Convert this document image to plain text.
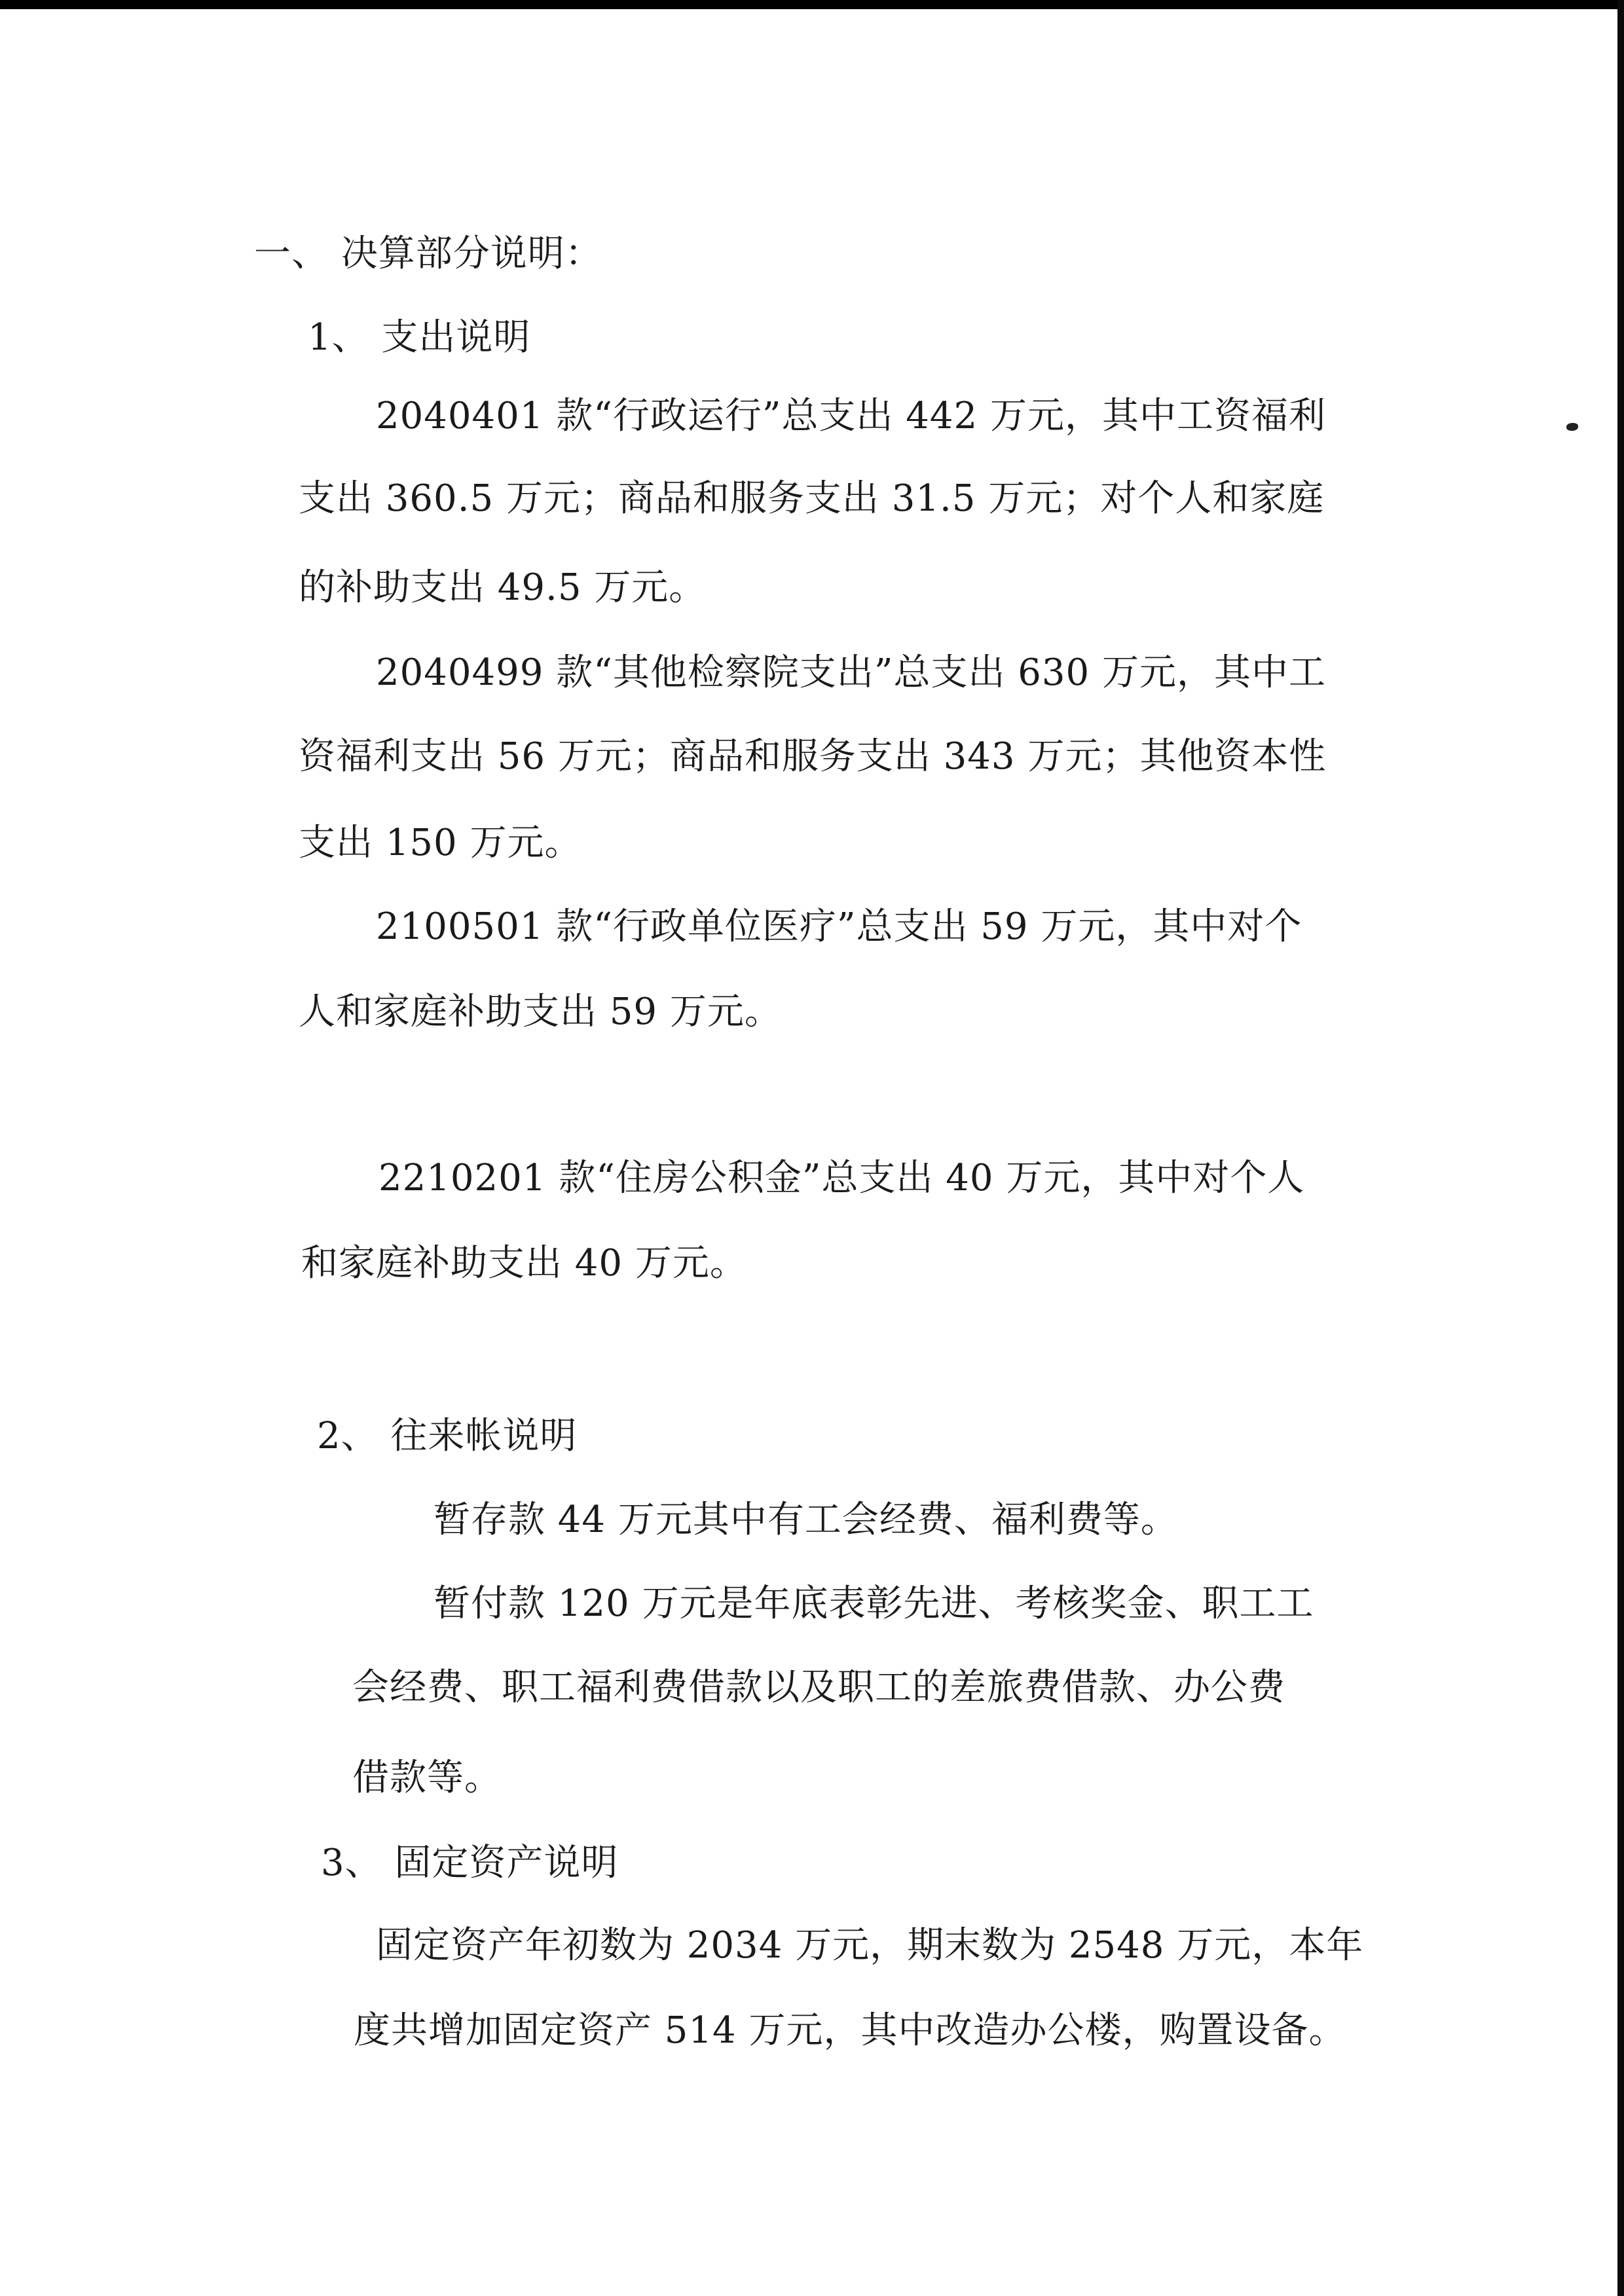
一、 决算部分说明：
1、 支出说明
2040401 款“行政运行”总支出 442 万元，其中工资福利
支出 360.5 万元；商品和服务支出 31.5 万元；对个人和家庭
的补助支出 49.5 万元。
2040499 款“其他检察院支出”总支出 630 万元，其中工
资福利支出 56 万元；商品和服务支出 343 万元；其他资本性
支出 150 万元。
2100501 款“行政单位医疗”总支出 59 万元，其中对个
人和家庭补助支出 59 万元。
2210201 款“住房公积金”总支出 40 万元，其中对个人
和家庭补助支出 40 万元。
2、 往来帐说明
暂存款 44 万元其中有工会经费、福利费等。
暂付款 120 万元是年底表彰先进、考核奖金、职工工
会经费、职工福利费借款以及职工的差旅费借款、办公费
借款等。
3、 固定资产说明
固定资产年初数为 2034 万元，期末数为 2548 万元，本年
度共增加固定资产 514 万元，其中改造办公楼，购置设备。
